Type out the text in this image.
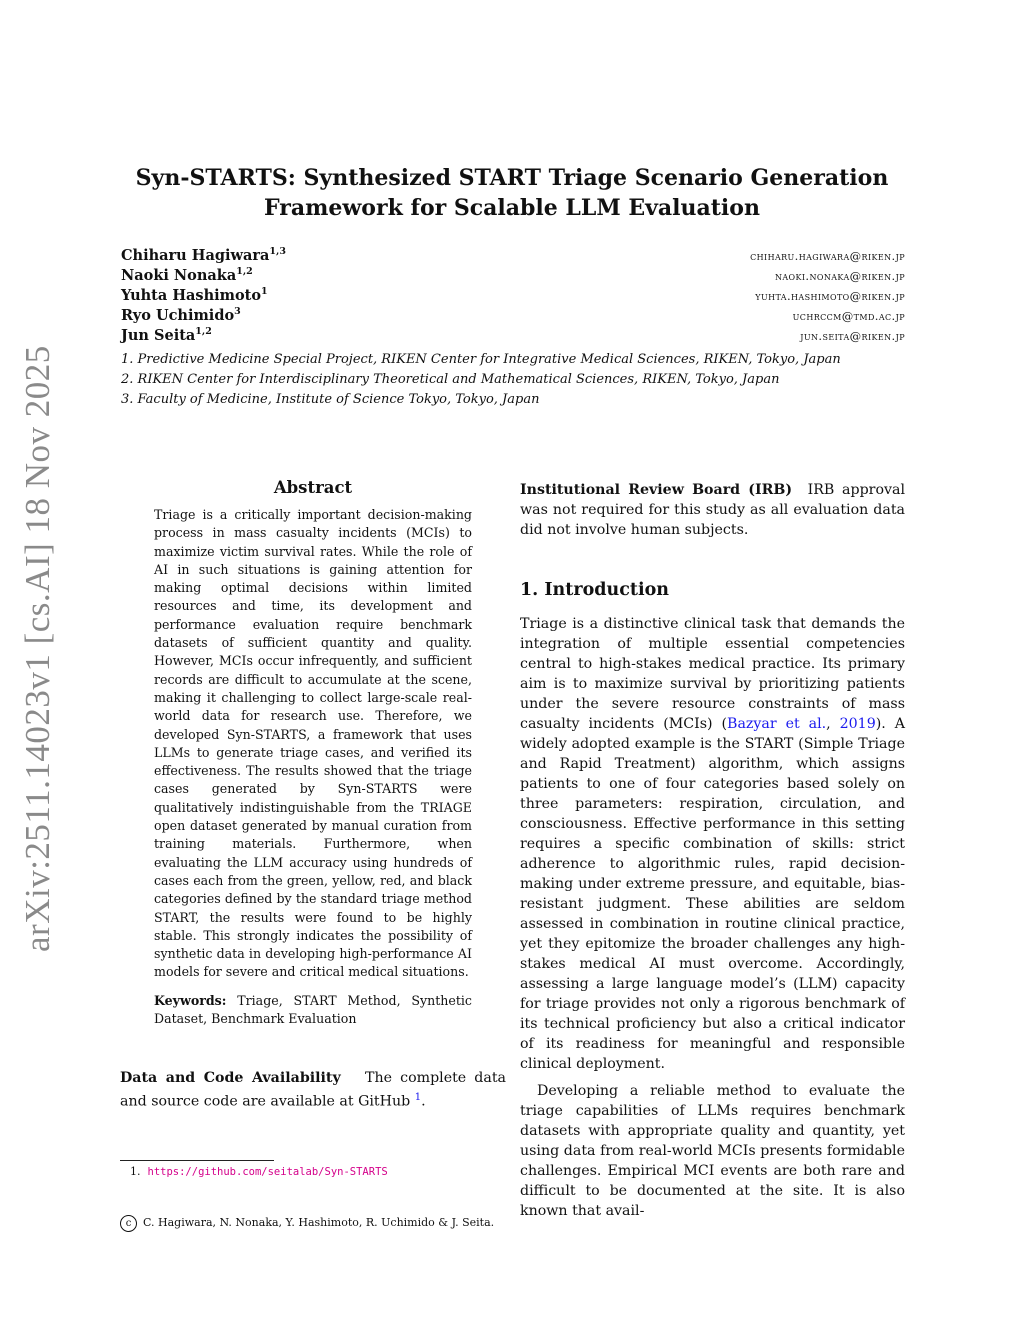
arXiv:2511.14023v1 [cs.AI] 18 Nov 2025
Syn-STARTS: Synthesized START Triage Scenario Generation
Framework for Scalable LLM Evaluation
Chiharu Hagiwara$^{1,3}$	chiharu.hagiwara@riken.jp
Naoki Nonaka$^{1,2}$	naoki.nonaka@riken.jp
Yuhta Hashimoto$^1$	yuhta.hashimoto@riken.jp
Ryo Uchimido$^3$	uchrccm@tmd.ac.jp
Jun Seita$^{1,2}$	jun.seita@riken.jp
1. Predictive Medicine Special Project, RIKEN Center for Integrative Medical Sciences, RIKEN, Tokyo, Japan
2. RIKEN Center for Interdisciplinary Theoretical and Mathematical Sciences, RIKEN, Tokyo, Japan
3. Faculty of Medicine, Institute of Science Tokyo, Tokyo, Japan
Abstract
Triage is a critically important decision-making process in mass casualty incidents (MCIs) to maximize victim survival rates. While the role of AI in such situations is gaining attention for making optimal decisions within limited resources and time, its development and performance evaluation require benchmark datasets of sufficient quantity and quality. However, MCIs occur infrequently, and sufficient records are difficult to accumulate at the scene, making it challenging to collect large-scale real-world data for research use. Therefore, we developed Syn-STARTS, a framework that uses LLMs to generate triage cases, and verified its effectiveness. The results showed that the triage cases generated by Syn-STARTS were qualitatively indistinguishable from the TRIAGE open dataset generated by manual curation from training materials. Furthermore, when evaluating the LLM accuracy using hundreds of cases each from the green, yellow, red, and black categories defined by the standard triage method START, the results were found to be highly stable. This strongly indicates the possibility of synthetic data in developing high-performance AI models for severe and critical medical situations.
Keywords: Triage, START Method, Synthetic Dataset, Benchmark Evaluation
Data and Code Availability The complete data and source code are available at GitHub $^1$.
1. https://github.com/seitalab/Syn-STARTS
Institutional Review Board (IRB) IRB approval was not required for this study as all evaluation data did not involve human subjects.
1. Introduction

Triage is a distinctive clinical task that demands the integration of multiple essential competencies central to high-stakes medical practice. Its primary aim is to maximize survival by prioritizing patients under the severe resource constraints of mass casualty incidents (MCIs) (Bazyar et al., 2019). A widely adopted example is the START (Simple Triage and Rapid Treatment) algorithm, which assigns patients to one of four categories based solely on three parameters: respiration, circulation, and consciousness. Effective performance in this setting requires a specific combination of skills: strict adherence to algorithmic rules, rapid decision-making under extreme pressure, and equitable, bias-resistant judgment. These abilities are seldom assessed in combination in routine clinical practice, yet they epitomize the broader challenges any high-stakes medical AI must overcome. Accordingly, assessing a large language model’s (LLM) capacity for triage provides not only a rigorous benchmark of its technical proficiency but also a critical indicator of its readiness for meaningful and responsible clinical deployment.

Developing a reliable method to evaluate the triage capabilities of LLMs requires benchmark datasets with appropriate quality and quantity, yet using data from real-world MCIs presents formidable challenges. Empirical MCI events are both rare and difficult to be documented at the site. It is also known that avail-

c C. Hagiwara, N. Nonaka, Y. Hashimoto, R. Uchimido & J. Seita.
